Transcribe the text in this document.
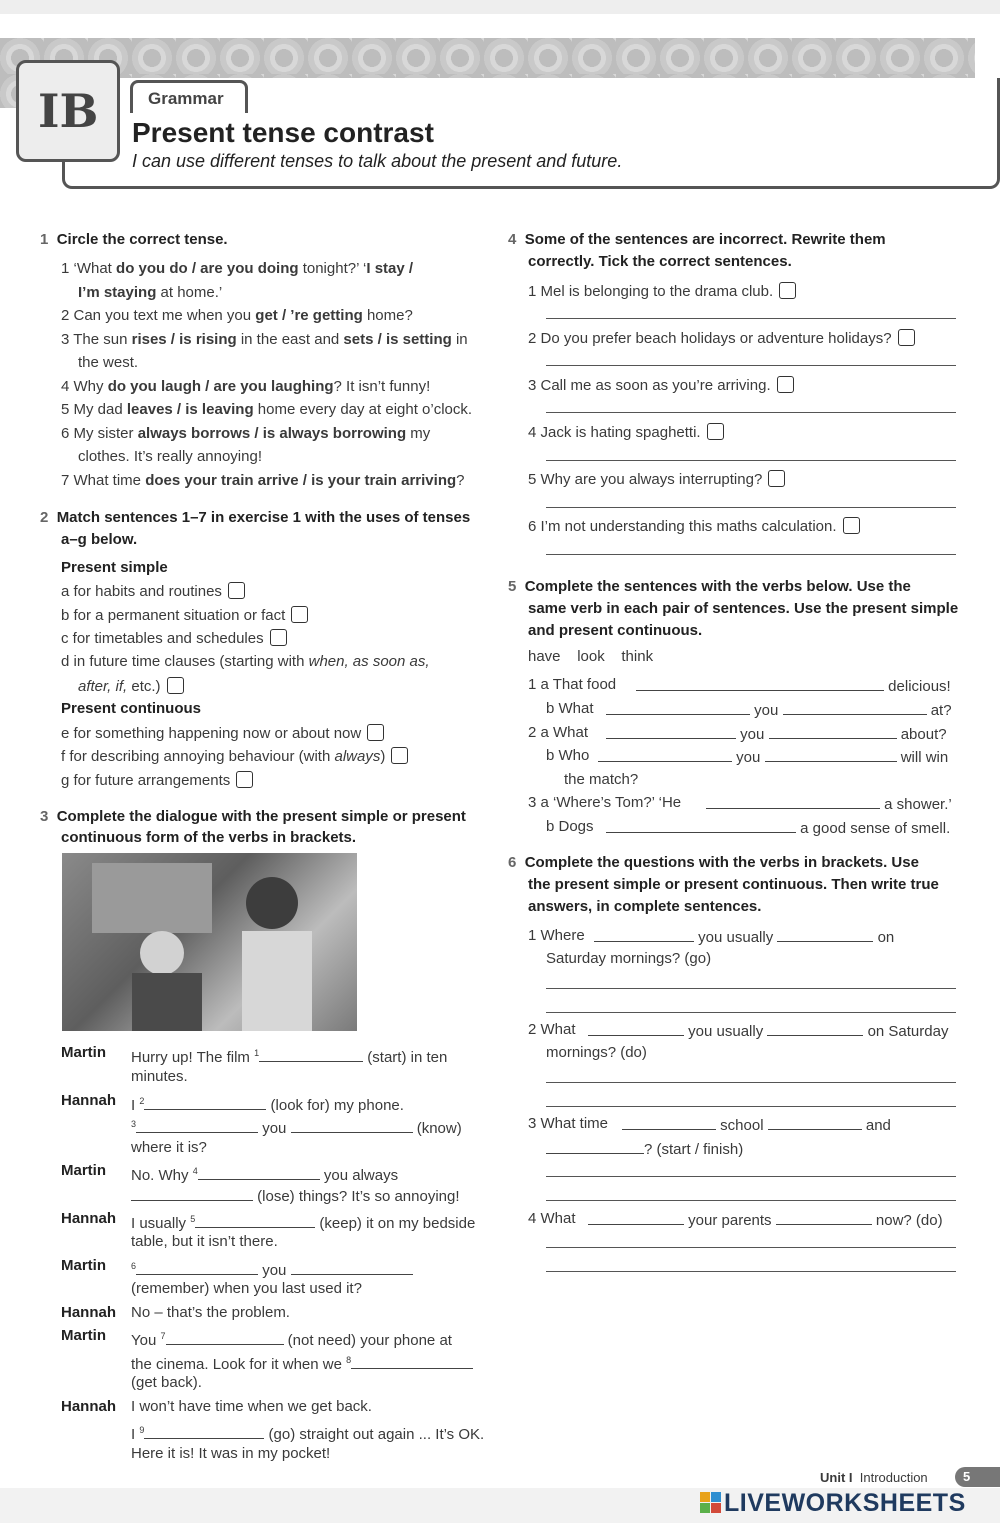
Grammar
IB Present tense contrast
I can use different tenses to talk about the present and future.
1 Circle the correct tense.
1 ‘What do you do / are you doing tonight?’ ‘I stay /
I’m staying at home.’
2 Can you text me when you get / ’re getting home?
3 The sun rises / is rising in the east and sets / is setting in
the west.
4 Why do you laugh / are you laughing? It isn’t funny!
5 My dad leaves / is leaving home every day at eight o’clock.
6 My sister always borrows / is always borrowing my
clothes. It’s really annoying!
7 What time does your train arrive / is your train arriving?
2 Match sentences 1–7 in exercise 1 with the uses of tenses
a–g below.
Present simple
a for habits and routines
b for a permanent situation or fact
c for timetables and schedules
d in future time clauses (starting with when, as soon as,
after, if, etc.)
Present continuous
e for something happening now or about now
f for describing annoying behaviour (with always)
g for future arrangements
3 Complete the dialogue with the present simple or present
continuous form of the verbs in brackets.
Martin Hurry up! The film $^1$	(start) in ten
minutes.
Hannah I $^2$	(look for) my phone.
$^3$	you	(know)
where it is?
Martin No. Why $^4$	you always
(lose) things? It’s so annoying!
Hannah I usually $^5$	(keep) it on my bedside
table, but it isn’t there.
Martin	$^6$	you
(remember) when you last used it?
Hannah No – that’s the problem.
Martin You $^7$	(not need) your phone at
the cinema. Look for it when we $^8$
(get back).
Hannah I won’t have time when we get back.
I $^9$	(go) straight out again ... It’s OK.
Here it is! It was in my pocket!
4 Some of the sentences are incorrect. Rewrite them
correctly. Tick the correct sentences.
1 Mel is belonging to the drama club.
2 Do you prefer beach holidays or adventure holidays?
3 Call me as soon as you’re arriving.
4 Jack is hating spaghetti.
5 Why are you always interrupting?
6 I’m not understanding this maths calculation.
5 Complete the sentences with the verbs below. Use the
same verb in each pair of sentences. Use the present simple
and present continuous.
have    look    think
1 a That food	delicious!
b What	you	at?
2 a What	you	about?
b Who	you	will win
the match?
3 a ‘Where’s Tom?’ ‘He	a shower.’
b Dogs	a good sense of smell.
6 Complete the questions with the verbs in brackets. Use
the present simple or present continuous. Then write true
answers, in complete sentences.
1 Where	you usually	on
Saturday mornings? (go)
2 What	you usually	on Saturday
mornings? (do)
3 What time	school	and
? (start / finish)
4 What	your parents	now? (do)
Unit I Introduction	5
LIVEWORKSHEETS
